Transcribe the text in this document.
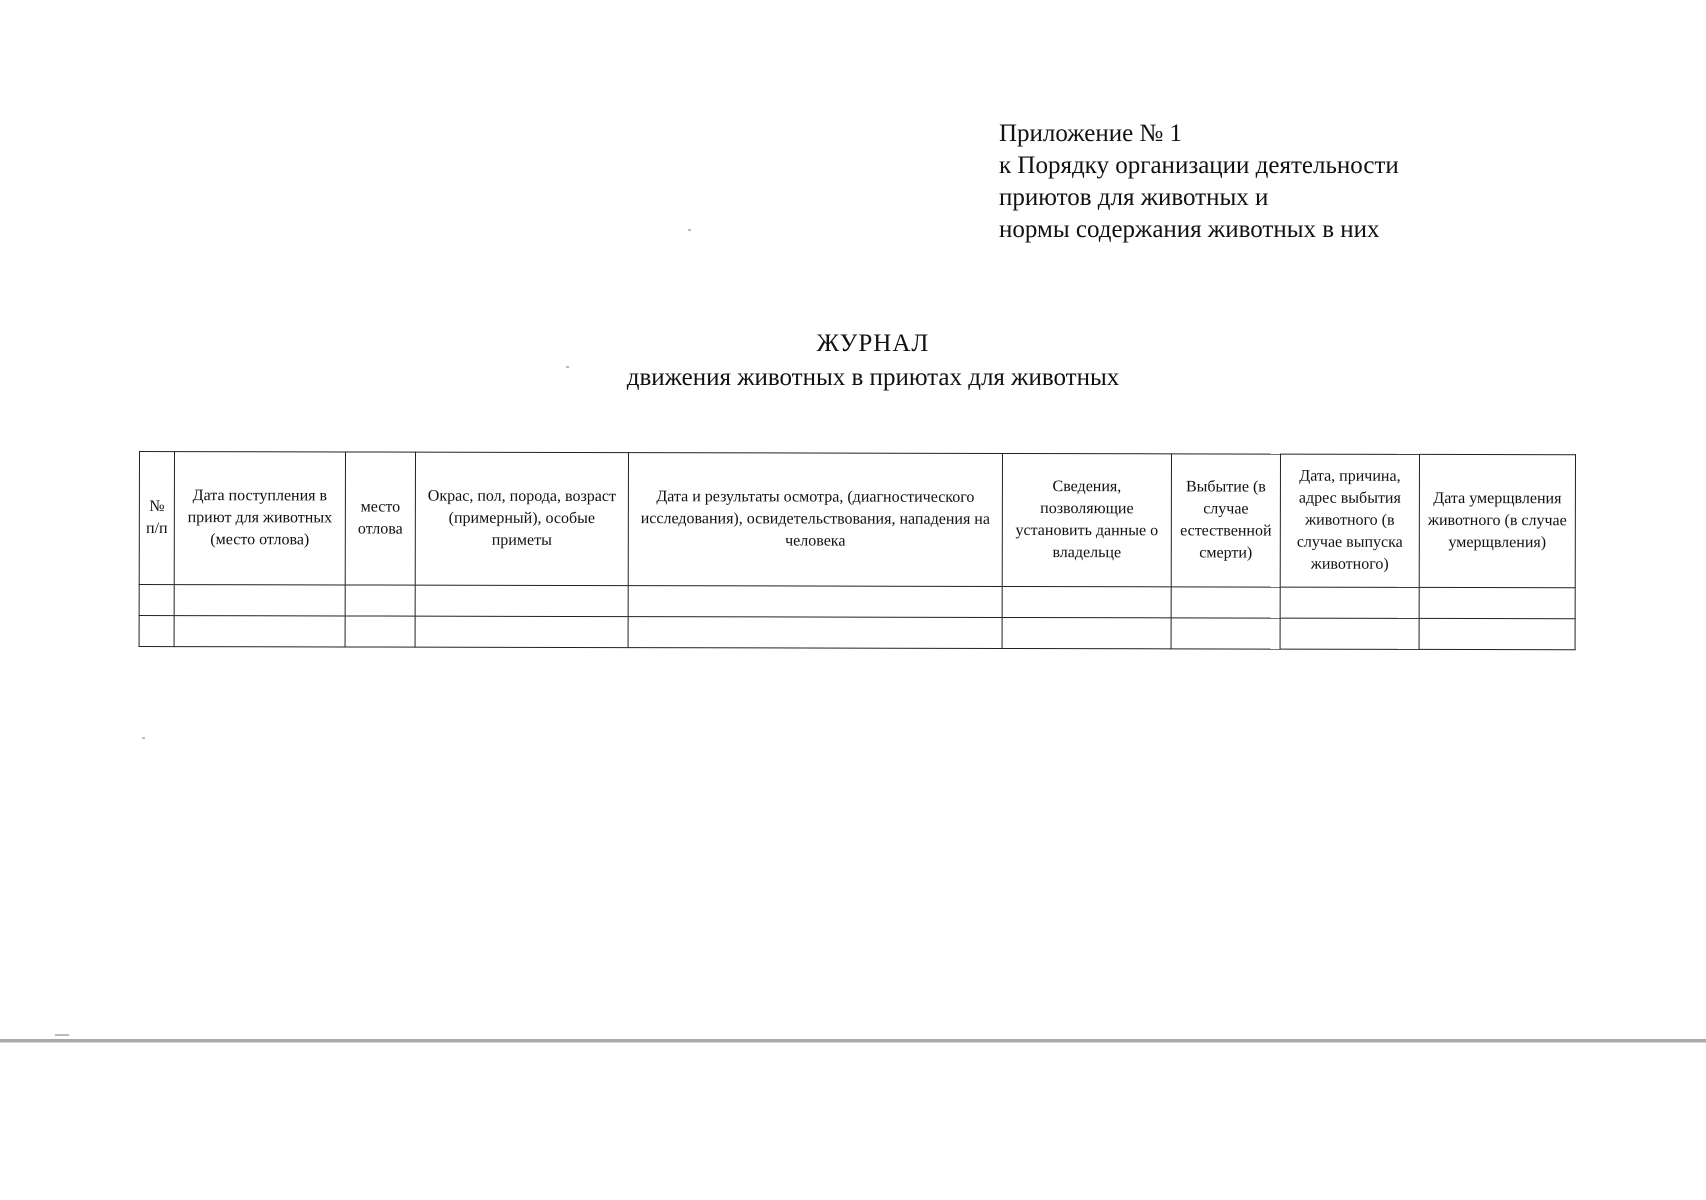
Приложение № 1
к Порядку организации деятельности
приютов для животных и
нормы содержания животных в них
ЖУРНАЛ
движения животных в приютах для животных
№ п/п	Дата поступления в приют для животных (место отлова)	место отлова	Окрас, пол, порода, возраст (примерный), особые приметы	Дата и результаты осмотра, (диагностического исследования), освидетельствования, нападения на человека	Сведения, позволяющие установить данные о владельце	Выбытие (в случае естественной смерти)	Дата, причина, адрес выбытия животного (в случае выпуска животного)	Дата умерщвления животного (в случае умерщвления)
